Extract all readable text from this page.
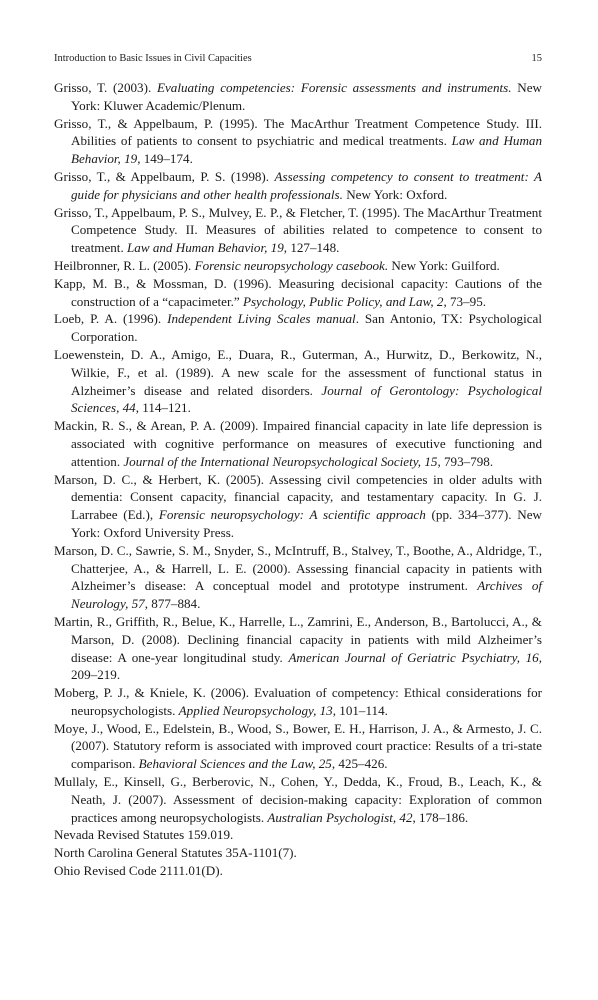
Introduction to Basic Issues in Civil Capacities	15

Grisso, T. (2003). Evaluating competencies: Forensic assessments and instruments. New York: Kluwer Academic/Plenum.

Grisso, T., & Appelbaum, P. (1995). The MacArthur Treatment Competence Study. III. Abilities of patients to consent to psychiatric and medical treatments. Law and Human Behavior, 19, 149–174.

Grisso, T., & Appelbaum, P. S. (1998). Assessing competency to consent to treatment: A guide for physicians and other health professionals. New York: Oxford.

Grisso, T., Appelbaum, P. S., Mulvey, E. P., & Fletcher, T. (1995). The MacArthur Treatment Competence Study. II. Measures of abilities related to competence to consent to treatment. Law and Human Behavior, 19, 127–148.

Heilbronner, R. L. (2005). Forensic neuropsychology casebook. New York: Guilford.

Kapp, M. B., & Mossman, D. (1996). Measuring decisional capacity: Cautions of the construction of a “capacimeter.” Psychology, Public Policy, and Law, 2, 73–95.

Loeb, P. A. (1996). Independent Living Scales manual. San Antonio, TX: Psychological Corporation.

Loewenstein, D. A., Amigo, E., Duara, R., Guterman, A., Hurwitz, D., Berkowitz, N., Wilkie, F., et al. (1989). A new scale for the assessment of functional status in Alzheimer’s disease and related disorders. Journal of Gerontology: Psychological Sciences, 44, 114–121.

Mackin, R. S., & Arean, P. A. (2009). Impaired financial capacity in late life depression is associated with cognitive performance on measures of executive functioning and attention. Journal of the International Neuropsychological Society, 15, 793–798.

Marson, D. C., & Herbert, K. (2005). Assessing civil competencies in older adults with dementia: Consent capacity, financial capacity, and testamentary capacity. In G. J. Larrabee (Ed.), Forensic neuropsychology: A scientific approach (pp. 334–377). New York: Oxford University Press.

Marson, D. C., Sawrie, S. M., Snyder, S., McIntruff, B., Stalvey, T., Boothe, A., Aldridge, T., Chatterjee, A., & Harrell, L. E. (2000). Assessing financial capacity in patients with Alzheimer’s disease: A conceptual model and prototype instrument. Archives of Neurology, 57, 877–884.

Martin, R., Griffith, R., Belue, K., Harrelle, L., Zamrini, E., Anderson, B., Bartolucci, A., & Marson, D. (2008). Declining financial capacity in patients with mild Alzheimer’s disease: A one-year longitudinal study. American Journal of Geriatric Psychiatry, 16, 209–219.

Moberg, P. J., & Kniele, K. (2006). Evaluation of competency: Ethical considerations for neuropsychologists. Applied Neuropsychology, 13, 101–114.

Moye, J., Wood, E., Edelstein, B., Wood, S., Bower, E. H., Harrison, J. A., & Armesto, J. C. (2007). Statutory reform is associated with improved court practice: Results of a tri-state comparison. Behavioral Sciences and the Law, 25, 425–426.

Mullaly, E., Kinsell, G., Berberovic, N., Cohen, Y., Dedda, K., Froud, B., Leach, K., & Neath, J. (2007). Assessment of decision-making capacity: Exploration of common practices among neuropsychologists. Australian Psychologist, 42, 178–186.

Nevada Revised Statutes 159.019.

North Carolina General Statutes 35A-1101(7).

Ohio Revised Code 2111.01(D).
